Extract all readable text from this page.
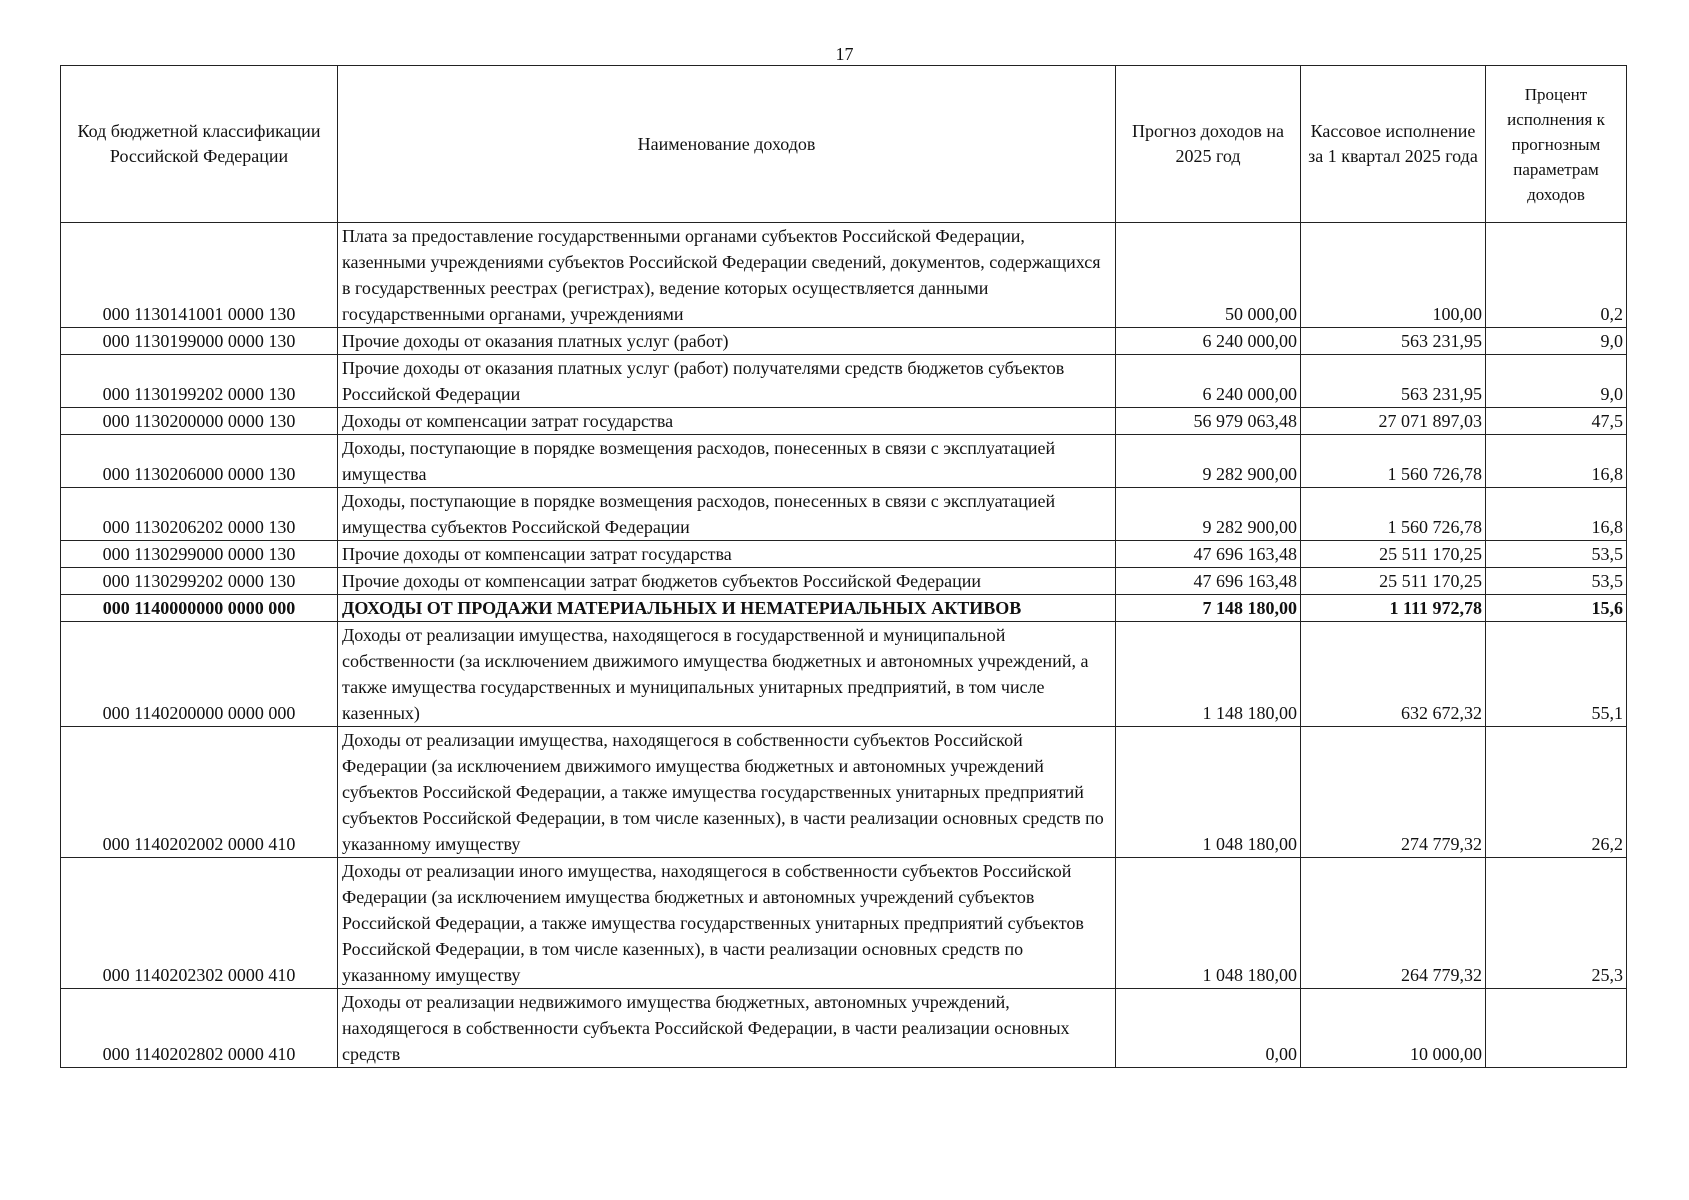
17
Код бюджетной классификации Российской Федерации	Наименование доходов	Прогноз доходов на 2025 год	Кассовое исполнение за 1 квартал 2025 года	Процент исполнения к прогнозным параметрам доходов
000 1130141001 0000 130	Плата за предоставление государственными органами субъектов Российской Федерации, казенными учреждениями субъектов Российской Федерации сведений, документов, содержащихся в государственных реестрах (регистрах), ведение которых осуществляется данными государственными органами, учреждениями	50 000,00	100,00	0,2
000 1130199000 0000 130	Прочие доходы от оказания платных услуг (работ)	6 240 000,00	563 231,95	9,0
000 1130199202 0000 130	Прочие доходы от оказания платных услуг (работ) получателями средств бюджетов субъектов Российской Федерации	6 240 000,00	563 231,95	9,0
000 1130200000 0000 130	Доходы от компенсации затрат государства	56 979 063,48	27 071 897,03	47,5
000 1130206000 0000 130	Доходы, поступающие в порядке возмещения расходов, понесенных в связи с эксплуатацией имущества	9 282 900,00	1 560 726,78	16,8
000 1130206202 0000 130	Доходы, поступающие в порядке возмещения расходов, понесенных в связи с эксплуатацией имущества субъектов Российской Федерации	9 282 900,00	1 560 726,78	16,8
000 1130299000 0000 130	Прочие доходы от компенсации затрат государства	47 696 163,48	25 511 170,25	53,5
000 1130299202 0000 130	Прочие доходы от компенсации затрат бюджетов субъектов Российской Федерации	47 696 163,48	25 511 170,25	53,5
000 1140000000 0000 000	ДОХОДЫ ОТ ПРОДАЖИ МАТЕРИАЛЬНЫХ И НЕМАТЕРИАЛЬНЫХ АКТИВОВ	7 148 180,00	1 111 972,78	15,6
000 1140200000 0000 000	Доходы от реализации имущества, находящегося в государственной и муниципальной собственности (за исключением движимого имущества бюджетных и автономных учреждений, а также имущества государственных и муниципальных унитарных предприятий, в том числе казенных)	1 148 180,00	632 672,32	55,1
000 1140202002 0000 410	Доходы от реализации имущества, находящегося в собственности субъектов Российской Федерации (за исключением движимого имущества бюджетных и автономных учреждений субъектов Российской Федерации, а также имущества государственных унитарных предприятий субъектов Российской Федерации, в том числе казенных), в части реализации основных средств по указанному имуществу	1 048 180,00	274 779,32	26,2
000 1140202302 0000 410	Доходы от реализации иного имущества, находящегося в собственности субъектов Российской Федерации (за исключением имущества бюджетных и автономных учреждений субъектов Российской Федерации, а также имущества государственных унитарных предприятий субъектов Российской Федерации, в том числе казенных), в части реализации основных средств по указанному имуществу	1 048 180,00	264 779,32	25,3
000 1140202802 0000 410	Доходы от реализации недвижимого имущества бюджетных, автономных учреждений, находящегося в собственности субъекта Российской Федерации, в части реализации основных средств	0,00	10 000,00	
